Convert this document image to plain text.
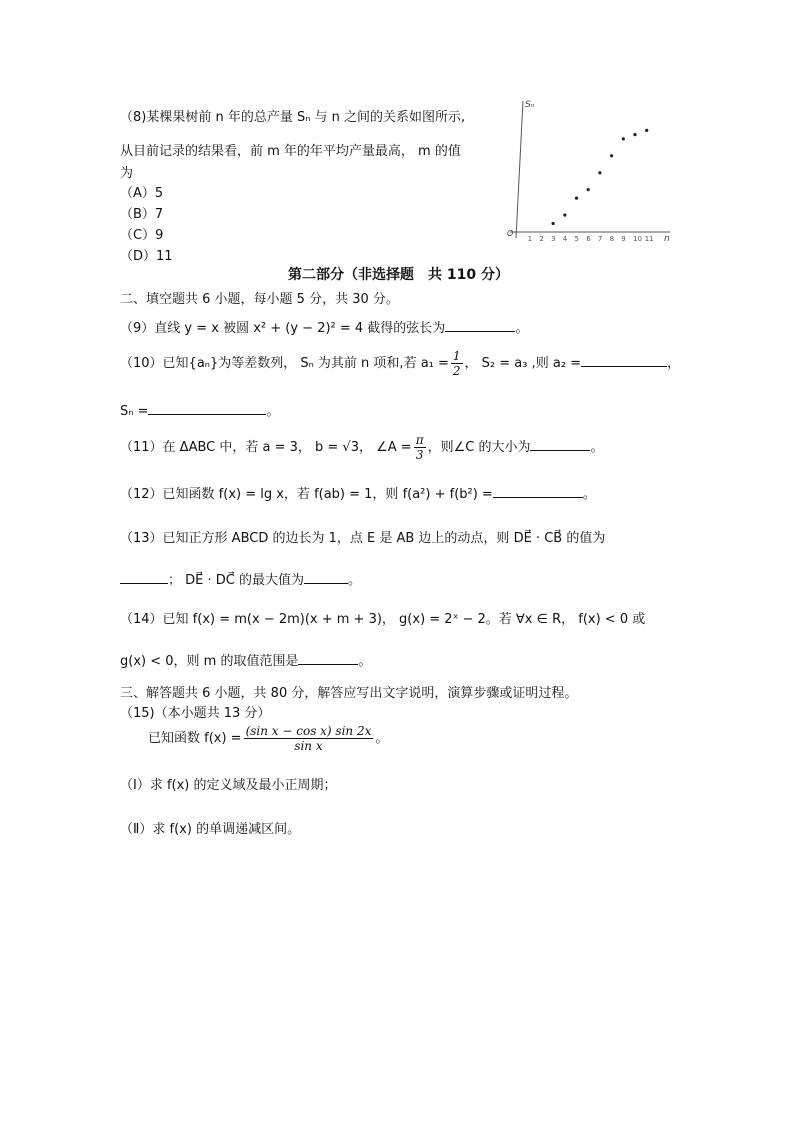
（8)某棵果树前 n 年的总产量 Sₙ 与 n 之间的关系如图所示,
从目前记录的结果看，前 m 年的年平均产量最高， m 的值
为
（A）5
（B）7
（C）9
（D）11
Sₙ
n
O
1 2 3 4 5 6 7 8 9 10 11
第二部分（非选择题　共 110 分）
二、填空题共 6 小题，每小题 5 分，共 30 分。
（9）直线 y = x 被圆 x² + (y − 2)² = 4 截得的弦长为	。
（10）已知{aₙ}为等差数列， Sₙ 为其前 n 项和,若 $a_1 = \frac{1}{2}$ ， S₂ = a₃ ,则 a₂ =	，
Sₙ =	。
（11）在 ΔABC 中，若 a = 3， b = √3， ∠A = $\frac{\pi}{3}$ ，则∠C 的大小为	。
（12）已知函数 f(x) = lg x，若 f(ab) = 1，则 f(a²) + f(b²) =	。
（13）已知正方形 ABCD 的边长为 1，点 E 是 AB 边上的动点，则 DE⃗ · CB⃗ 的值为
； DE⃗ · DC⃗ 的最大值为	。
（14）已知 f(x) = m(x − 2m)(x + m + 3)， g(x) = 2ˣ − 2。若 ∀x ∈ R， f(x) < 0 或
g(x) < 0，则 m 的取值范围是	。
三、解答题共 6 小题，共 80 分，解答应写出文字说明，演算步骤或证明过程。
（15)（本小题共 13 分）
已知函数 $f(x) = \frac{\text{(sin x − cos x) sin 2x}}{\text{sin x}}$ 。
（Ⅰ）求 f(x) 的定义域及最小正周期；
（Ⅱ）求 f(x) 的单调递减区间。
